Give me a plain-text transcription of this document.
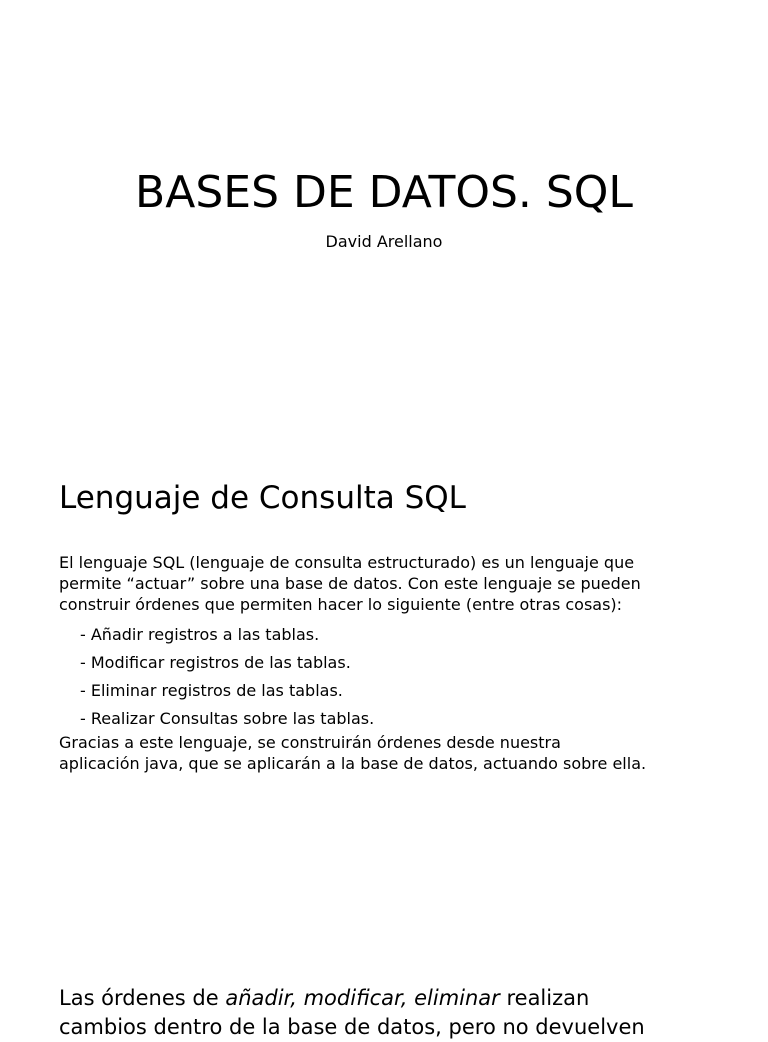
BASES DE DATOS. SQL
David Arellano
Lenguaje de Consulta SQL
El lenguaje SQL (lenguaje de consulta estructurado) es un lenguaje que
permite “actuar” sobre una base de datos. Con este lenguaje se pueden
construir órdenes que permiten hacer lo siguiente (entre otras cosas):
- Añadir registros a las tablas.
- Modificar registros de las tablas.
- Eliminar registros de las tablas.
- Realizar Consultas sobre las tablas.
Gracias a este lenguaje, se construirán órdenes desde nuestra
aplicación java, que se aplicarán a la base de datos, actuando sobre ella.
Las órdenes de añadir, modificar, eliminar realizan
cambios dentro de la base de datos, pero no devuelven
